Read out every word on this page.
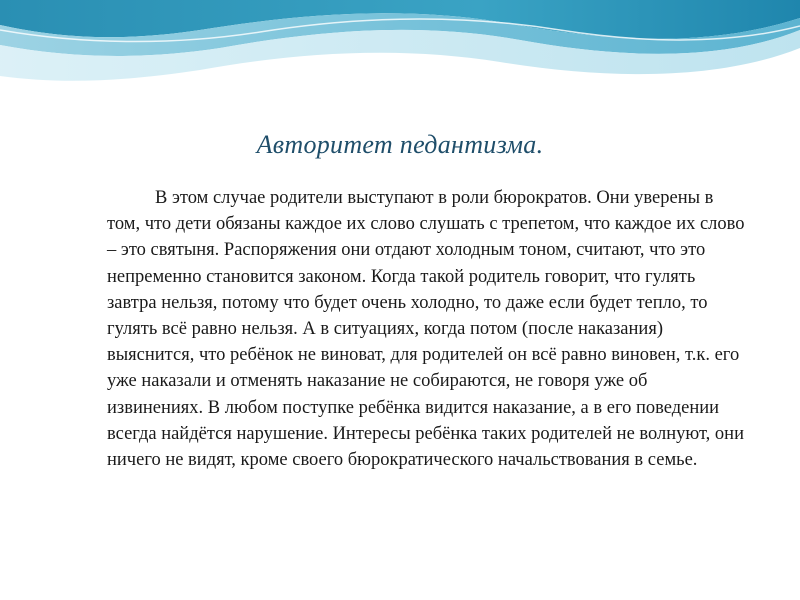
Авторитет педантизма.

В этом случае родители выступают в роли бюрократов. Они уверены в том, что дети обязаны каждое их слово слушать с трепетом, что каждое их слово – это святыня. Распоряжения они отдают холодным тоном, считают, что это непременно становится законом. Когда такой родитель говорит, что гулять завтра нельзя, потому что будет очень холодно, то даже если будет тепло, то гулять всё равно нельзя. А в ситуациях, когда потом (после наказания) выяснится, что ребёнок не виноват, для родителей он всё равно виновен, т.к. его уже наказали и отменять наказание не собираются, не говоря уже об извинениях. В любом поступке ребёнка видится наказание, а в его поведении всегда найдётся нарушение. Интересы ребёнка таких родителей не волнуют, они ничего не видят, кроме своего бюрократического начальствования в семье.
